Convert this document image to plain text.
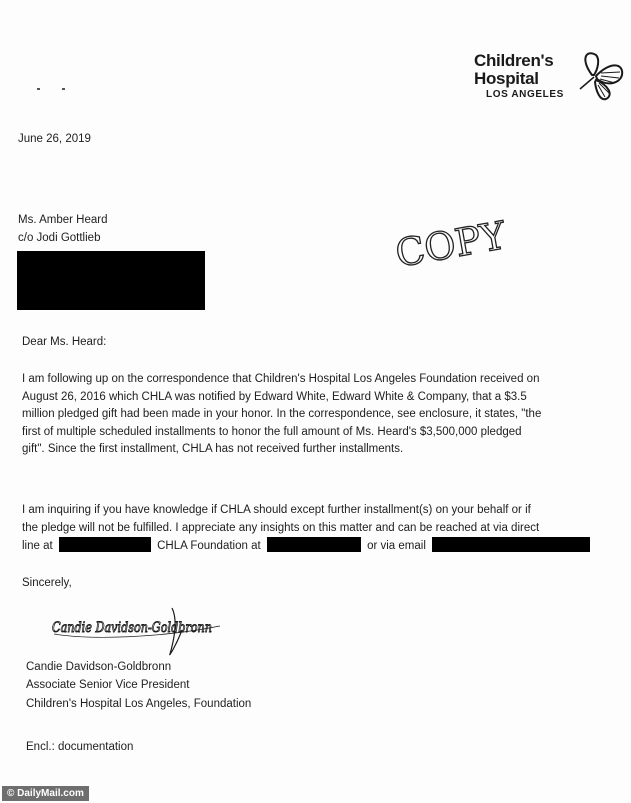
Children's
Hospital
LOS ANGELES
June 26, 2019
Ms. Amber Heard
c/o Jodi Gottlieb	COPY
Dear Ms. Heard:
I am following up on the correspondence that Children's Hospital Los Angeles Foundation received on
August 26, 2016 which CHLA was notified by Edward White, Edward White & Company, that a $3.5
million pledged gift had been made in your honor. In the correspondence, see enclosure, it states, "the
first of multiple scheduled installments to honor the full amount of Ms. Heard's $3,500,000 pledged
gift". Since the first installment, CHLA has not received further installments.
I am inquiring if you have knowledge if CHLA should except further installment(s) on your behalf or if
the pledge will not be fulfilled. I appreciate any insights on this matter and can be reached at via direct
line at	CHLA Foundation at	or via email
Sincerely,
Candie Davidson-Goldbronn
Candie Davidson-Goldbronn
Associate Senior Vice President
Children's Hospital Los Angeles, Foundation
Encl.: documentation
© DailyMail.com
